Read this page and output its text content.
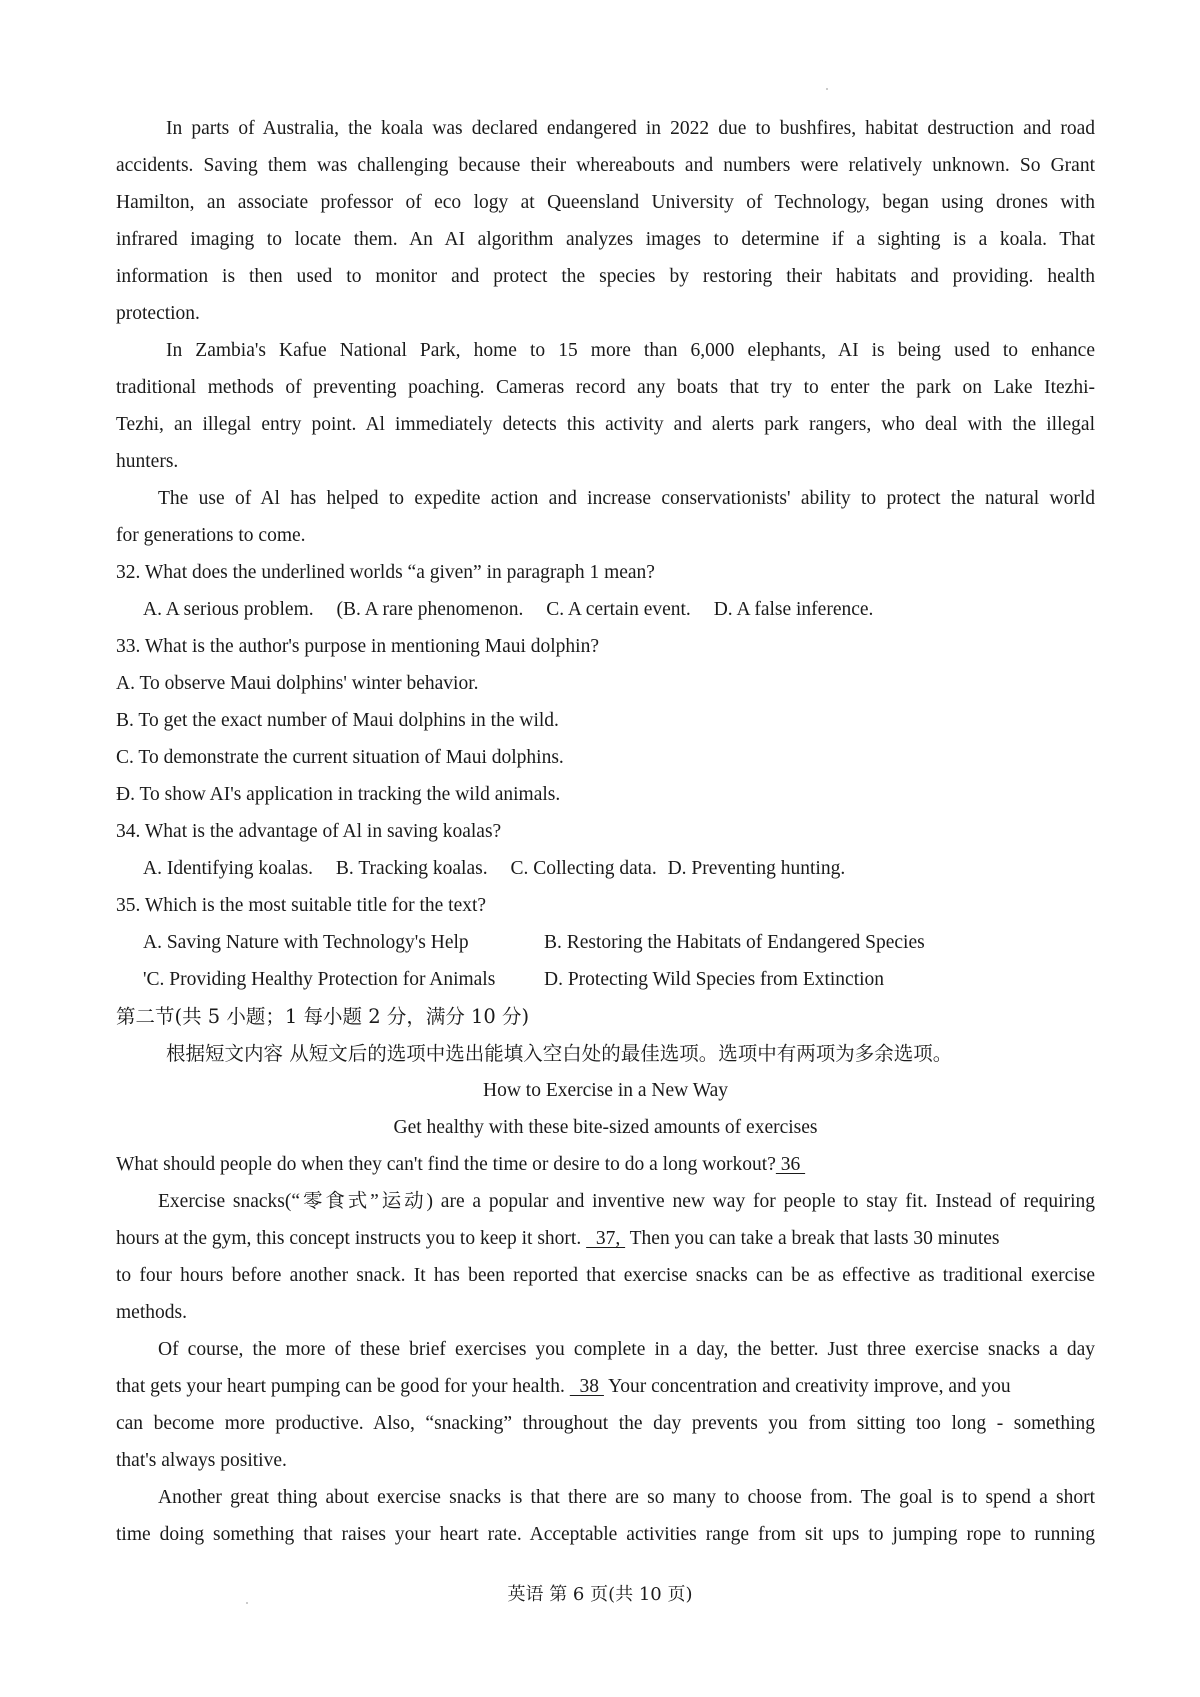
In parts of Australia, the koala was declared endangered in 2022 due to bushfires, habitat destruction and road
accidents. Saving them was challenging because their whereabouts and numbers were relatively unknown. So Grant
Hamilton, an associate professor of eco logy at Queensland University of Technology, began using drones with
infrared imaging to locate them. An AI algorithm analyzes images to determine if a sighting is a koala. That
information is then used to monitor and protect the species by restoring their habitats and providing. health
protection.
In Zambia's Kafue National Park, home to 15 more than 6,000 elephants, AI is being used to enhance
traditional methods of preventing poaching. Cameras record any boats that try to enter the park on Lake Itezhi-
Tezhi, an illegal entry point. Al immediately detects this activity and alerts park rangers, who deal with the illegal
hunters.
The use of Al has helped to expedite action and increase conservationists' ability to protect the natural world
for generations to come.
32. What does the underlined worlds “a given” in paragraph 1 mean?
A. A serious problem. (B. A rare phenomenon. C. A certain event. D. A false inference.
33. What is the author's purpose in mentioning Maui dolphin?
A. To observe Maui dolphins' winter behavior.
B. To get the exact number of Maui dolphins in the wild.
C. To demonstrate the current situation of Maui dolphins.
Đ. To show AI's application in tracking the wild animals.
34. What is the advantage of Al in saving koalas?
A. Identifying koalas. B. Tracking koalas. C. Collecting data. D. Preventing hunting.
35. Which is the most suitable title for the text?
A. Saving Nature with Technology's Help	B. Restoring the Habitats of Endangered Species
'C. Providing Healthy Protection for Animals D. Protecting Wild Species from Extinction
第二节(共 5 小题；1 每小题 2 分，满分 10 分)
根据短文内容 从短文后的选项中选出能填入空白处的最佳选项。选项中有两项为多余选项。
How to Exercise in a New Way
Get healthy with these bite-sized amounts of exercises
What should people do when they can't find the time or desire to do a long workout? 36
Exercise snacks(“零食式”运动) are a popular and inventive new way for people to stay fit. Instead of requiring
hours at the gym, this concept instructs you to keep it short.   37,  Then you can take a break that lasts 30 minutes
to four hours before another snack. It has been reported that exercise snacks can be as effective as traditional exercise
methods.
Of course, the more of these brief exercises you complete in a day, the better. Just three exercise snacks a day
that gets your heart pumping can be good for your health.   38  Your concentration and creativity improve, and you
can become more productive. Also, “snacking” throughout the day prevents you from sitting too long - something
that's always positive.
Another great thing about exercise snacks is that there are so many to choose from. The goal is to spend a short
time doing something that raises your heart rate. Acceptable activities range from sit ups to jumping rope to running
英语 第 6 页(共 10 页)
